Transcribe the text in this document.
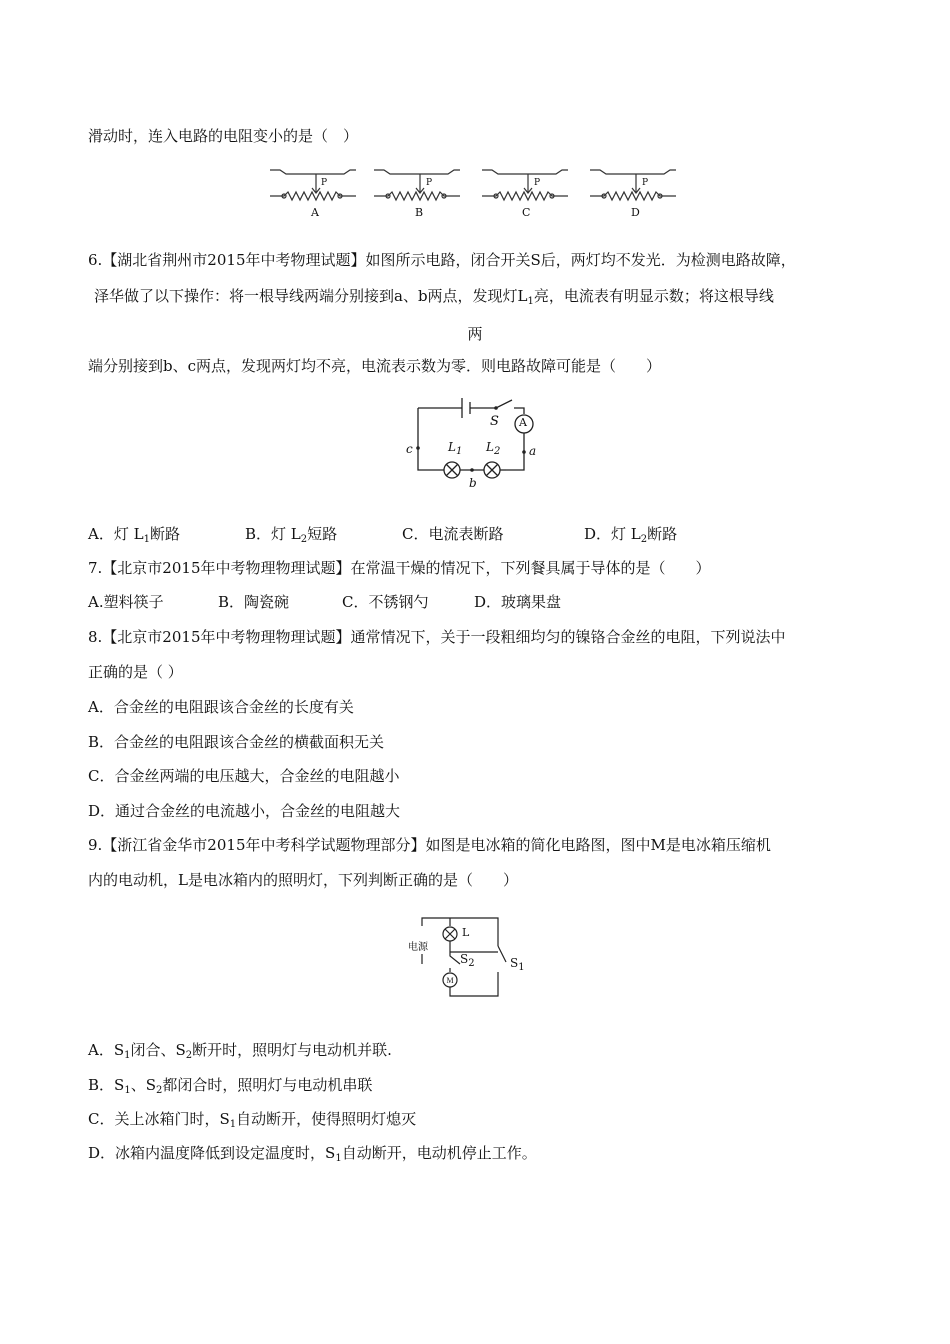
滑动时，连入电路的电阻变小的是（　）
A	B	C	D
P	P	P	P
6.【湖北省荆州市2015年中考物理试题】如图所示电路，闭合开关S后，两灯均不发光．为检测电路故障，
泽华做了以下操作：将一根导线两端分别接到a、b两点，发现灯$L_1$亮，电流表有明显示数；将这根导线
两
端分别接到b、c两点，发现两灯均不亮，电流表示数为零．则电路故障可能是（　　）
S A
$L_1$ $L_2$ a
b
c
A．灯 $L_1$断路	B．灯 $L_2$短路	C．电流表断路	D．灯 $L_2$断路
7.【北京市2015年中考物理物理试题】在常温干燥的情况下，下列餐具属于导体的是（　　）
A.塑料筷子	B．陶瓷碗	C．不锈钢勺	D．玻璃果盘
8.【北京市2015年中考物理物理试题】通常情况下，关于一段粗细均匀的镍铬合金丝的电阻，下列说法中
正确的是（ ）
A．合金丝的电阻跟该合金丝的长度有关
B．合金丝的电阻跟该合金丝的横截面积无关
C．合金丝两端的电压越大，合金丝的电阻越小
D．通过合金丝的电流越小，合金丝的电阻越大
9.【浙江省金华市2015年中考科学试题物理部分】如图是电冰箱的简化电路图，图中M是电冰箱压缩机
内的电动机，L是电冰箱内的照明灯，下列判断正确的是（　　）
M
电源
L
$S_2$	$S_1$
A．$S_1$闭合、$S_2$断开时，照明灯与电动机并联.
B．$S_1$、$S_2$都闭合时，照明灯与电动机串联
C．关上冰箱门时，$S_1$自动断开，使得照明灯熄灭
D．冰箱内温度降低到设定温度时，$S_1$自动断开，电动机停止工作。
